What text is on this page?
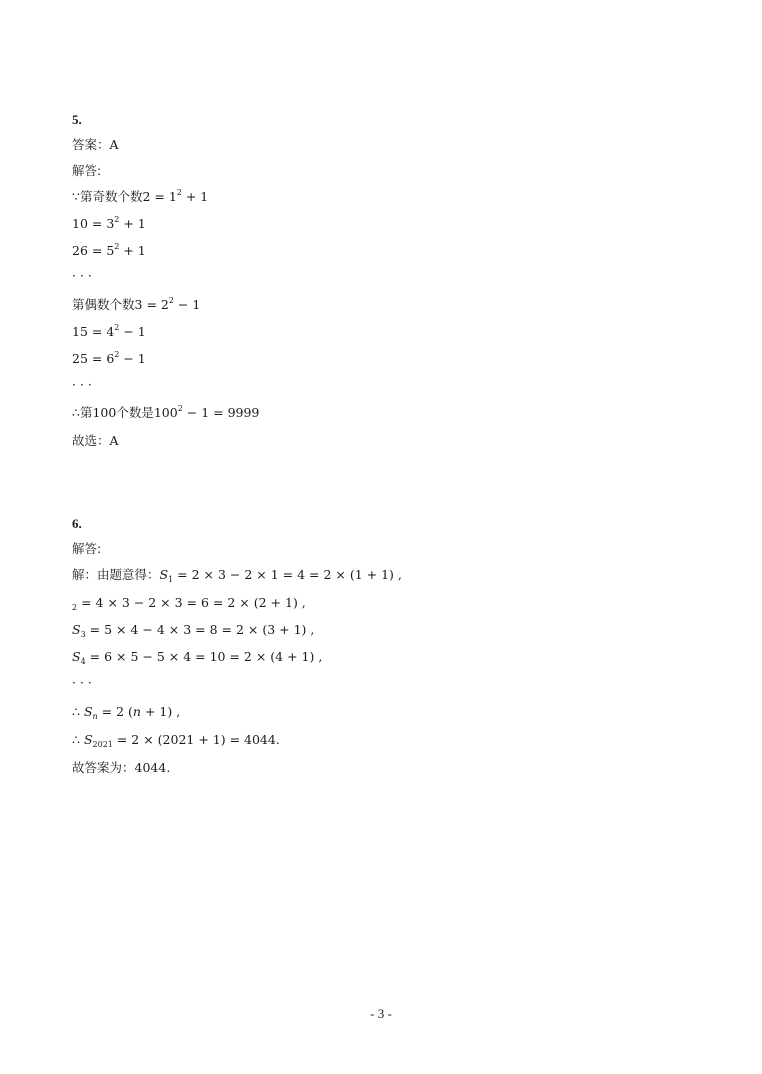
5.
答案：A
解答:
∵第奇数个数$2 = 1^2 + 1$
$10 = 3^2 + 1$
$26 = 5^2 + 1$
· · ·
第偶数个数$3 = 2^2 - 1$
$15 = 4^2 - 1$
$25 = 6^2 - 1$
· · ·
∴第100个数是$100^2 - 1 = 9999$
故选：A
6.
解答:
解：由题意得：$S_1 = 2 \times 3 - 2 \times 1 = 4 = 2 \times (1 + 1)$ ,
$_2$ = 4 × 3 − 2 × 3 = 6 = 2 × (2 + 1) ,
$S_3 = 5 \times 4 - 4 \times 3 = 8 = 2 \times (3 + 1)$ ,
$S_4 = 6 \times 5 - 5 \times 4 = 10 = 2 \times (4 + 1)$ ,
· · ·
∴ $S_n = 2$ (n + 1) ,
∴ $S_{2021} = 2 \times (2021 + 1) = 4044$.
故答案为：4044.
- 3 -
